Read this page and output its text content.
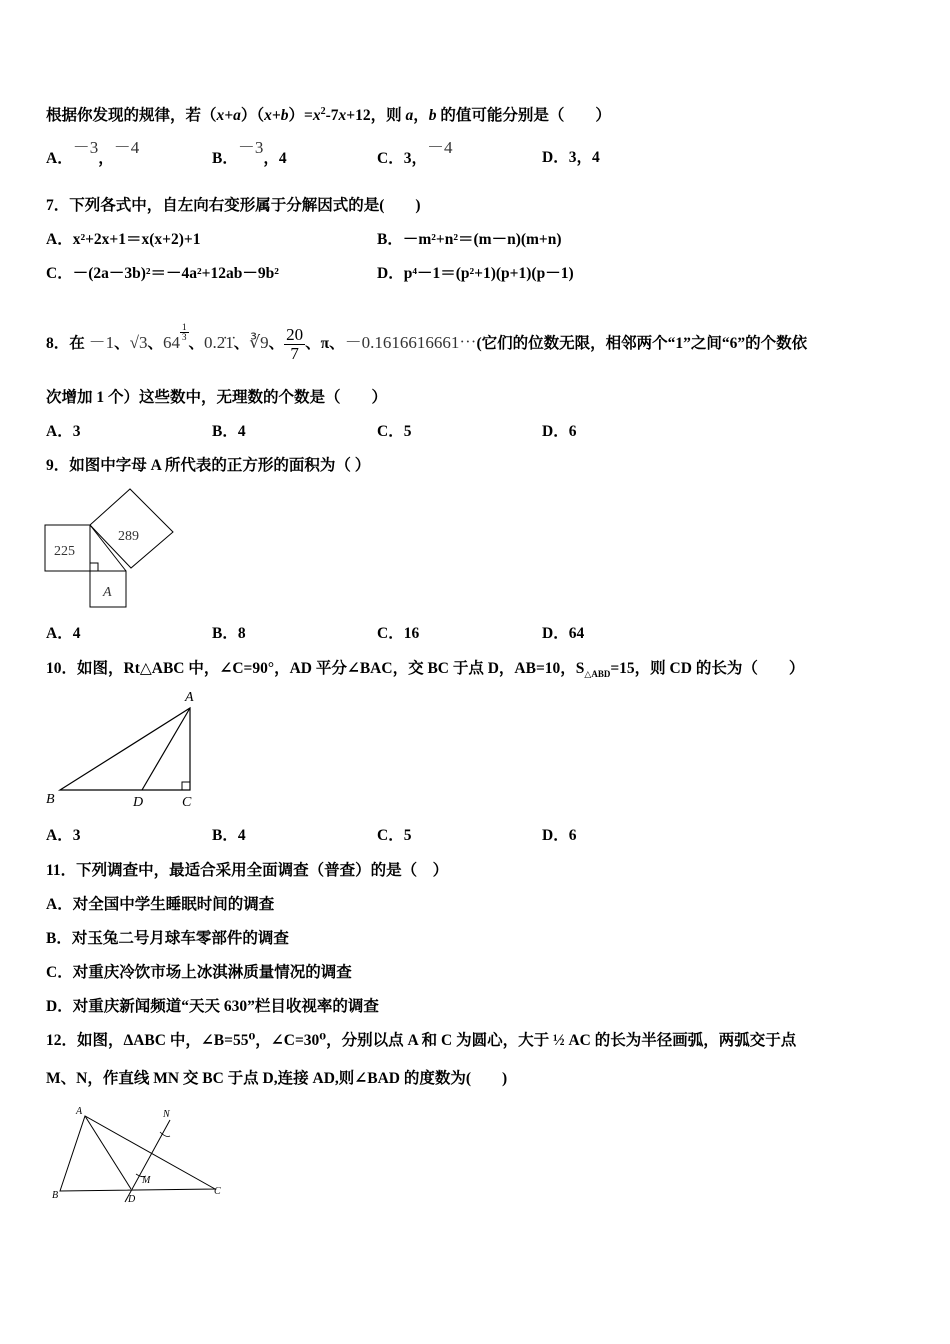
根据你发现的规律，若$(x+a)(x+b)=x^2-7x+12$，则 a，b 的值可能分别是（　　）
A．－3，－4
B．－3，4	C．3，－4
D．3，4
7．下列各式中，自左向右变形属于分解因式的是(　　)
A．x²+2x+1＝x(x+2)+1	B．－m²+n²＝(m－n)(m+n)
C．－(2a－3b)²＝－4a²+12ab－9b²	D．p⁴－1＝(p²+1)(p+1)(p－1)
8．在 －1、√3、64
$\frac{1}{3}$
、0.2̇1̇、∛9、 $\frac{20}{7}$ 、π、－0.1616616661⋯(它们的位数无限，相邻两个“1”之间“6”的个数依
次增加 1 个）这些数中，无理数的个数是（　　）
A．3	B．4	C．5	D．6
9．如图中字母 A 所代表的正方形的面积为（ ）
225
289
A
A．4	B．8	C．16	D．64
10．如图，Rt△ABC 中，∠C=90°，AD 平分∠BAC，交 BC 于点 D，AB=10，$S_{\triangle ABD}=15$，则 CD 的长为（　　）
A
B	D	C
A．3	B．4	C．5	D．6
11．下列调查中，最适合采用全面调查（普查）的是（　）
A．对全国中学生睡眠时间的调查
B．对玉兔二号月球车零部件的调查
C．对重庆冷饮市场上冰淇淋质量情况的调查
D．对重庆新闻频道“天天 630”栏目收视率的调查
12．如图，ΔABC 中，∠B=55⁰，∠C=30⁰，分别以点 A 和 C 为圆心，大于 ½ AC 的长为半径画弧，两弧交于点
M、N，作直线 MN 交 BC 于点 D,连接 AD,则∠BAD 的度数为(　　)
A
B	D
C
M
N
